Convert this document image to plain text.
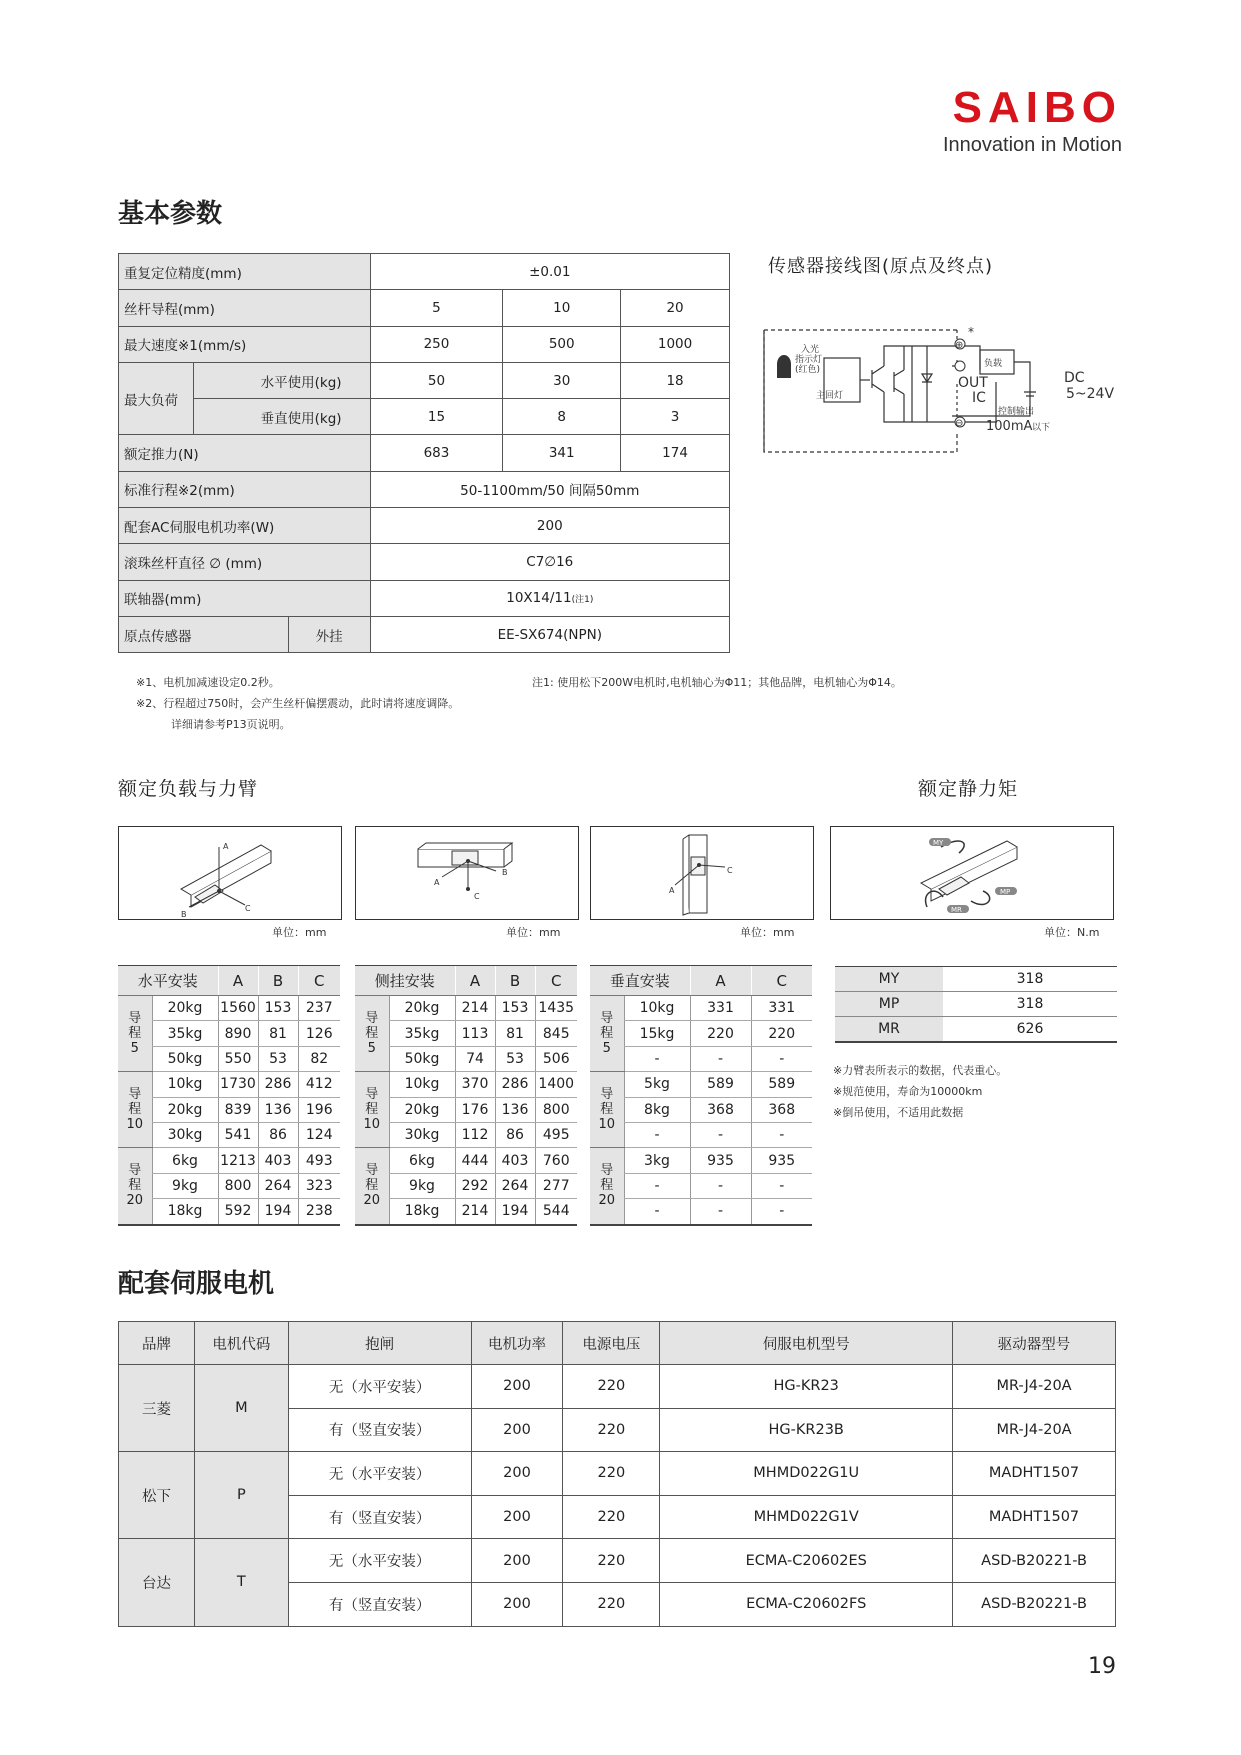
SAIBO
Innovation in Motion
基本参数
重复定位精度(mm)			±0.01		
丝杆导程(mm)			5	10	20
最大速度※1(mm/s)			250	500	1000
最大负荷	水平使用(kg)		50	30	18
	垂直使用(kg)		15	8	3
额定推力(N)			683	341	174
标准行程※2(mm)			50-1100mm/50 间隔50mm		
配套AC伺服电机功率(W)			200		
滚珠丝杆直径 ∅ (mm)			C7∅16		
联轴器(mm)			10X14/11(注1)		
原点传感器		外挂	EE-SX674(NPN)		
※1、电机加减速设定0.2秒。
※2、行程超过750时，会产生丝杆偏摆震动，此时请将速度调降。
详细请参考P13页说明。
注1: 使用松下200W电机时,电机轴心为Φ11；其他品牌，电机轴心为Φ14。
传感器接线图(原点及终点)
入光
指示灯
(红色)
主回灯
负载
⊕
*
⊖
OUT
IC
控制输出
100mA 以下
DC
5~24V
额定负载与力臂	额定静力矩
A
C
B
单位：mm
A
B
C
单位：mm
A
C
单位：mm
MY
MP
MR
单位：N.m
水平安装		A	B	C
导
程
5	20kg	1560	153	237
	35kg	890	81	126
	50kg	550	53	82
导
程
10	10kg	1730	286	412
	20kg	839	136	196
	30kg	541	86	124
导
程
20	6kg	1213	403	493
	9kg	800	264	323
	18kg	592	194	238
侧挂安装		A	B	C
导
程
5	20kg	214	153	1435
	35kg	113	81	845
	50kg	74	53	506
导
程
10	10kg	370	286	1400
	20kg	176	136	800
	30kg	112	86	495
导
程
20	6kg	444	403	760
	9kg	292	264	277
	18kg	214	194	544
垂直安装		A	C
导
程
5	10kg	331	331
	15kg	220	220
	-	-	-
导
程
10	5kg	589	589
	8kg	368	368
	-	-	-
导
程
20	3kg	935	935
	-	-	-
	-	-	-
MY	318
MP	318
MR	626
※力臂表所表示的数据，代表重心。
※规范使用，寿命为10000km
※倒吊使用，不适用此数据
配套伺服电机
品牌	电机代码	抱闸	电机功率	电源电压	伺服电机型号	驱动器型号
三菱	M	无（水平安装）	200	220	HG-KR23	MR-J4-20A
		有（竖直安装）	200	220	HG-KR23B	MR-J4-20A
松下	P	无（水平安装）	200	220	MHMD022G1U	MADHT1507
		有（竖直安装）	200	220	MHMD022G1V	MADHT1507
台达	T	无（水平安装）	200	220	ECMA-C20602ES	ASD-B20221-B
		有（竖直安装）	200	220	ECMA-C20602FS	ASD-B20221-B
19
